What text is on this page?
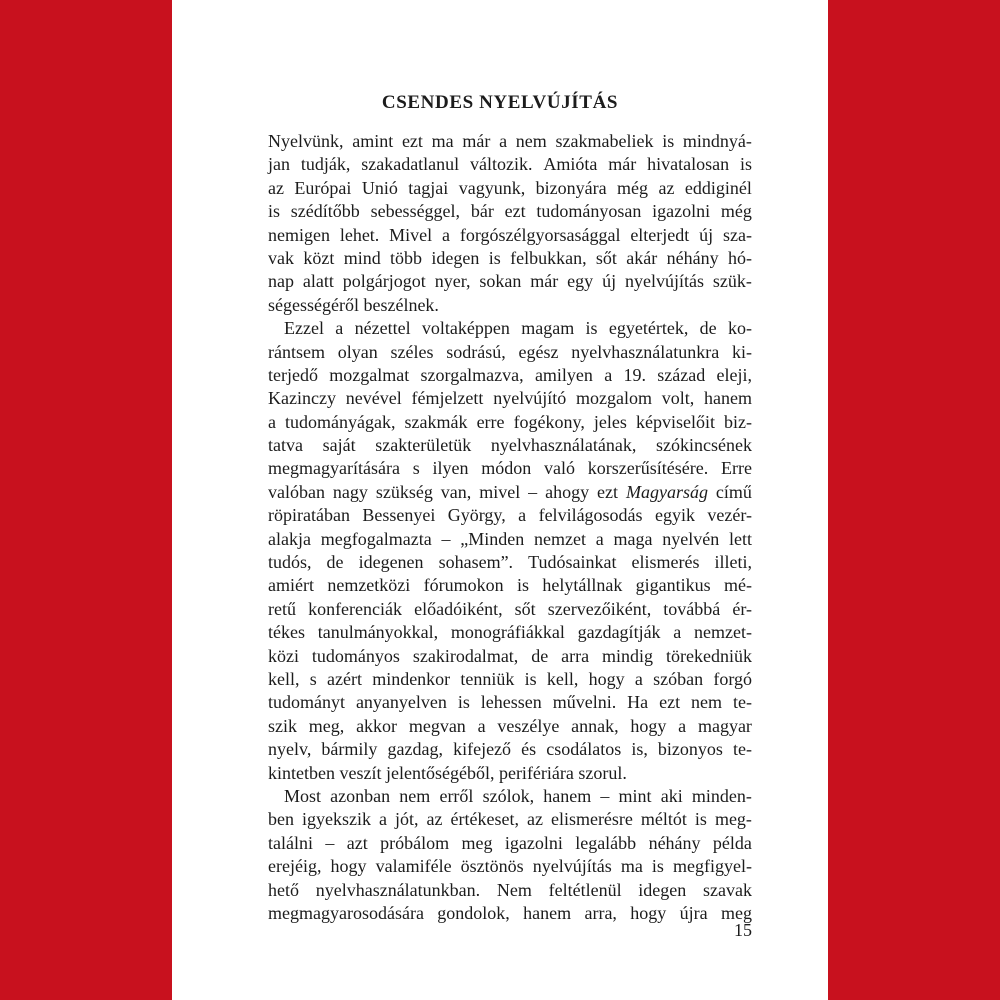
CSENDES NYELVÚJÍTÁS
Nyelvünk, amint ezt ma már a nem szakmabeliek is mindnyá-
jan tudják, szakadatlanul változik. Amióta már hivatalosan is
az Európai Unió tagjai vagyunk, bizonyára még az eddiginél
is szédítőbb sebességgel, bár ezt tudományosan igazolni még
nemigen lehet. Mivel a forgószélgyorsasággal elterjedt új sza-
vak közt mind több idegen is felbukkan, sőt akár néhány hó-
nap alatt polgárjogot nyer, sokan már egy új nyelvújítás szük-
ségességéről beszélnek.
Ezzel a nézettel voltaképpen magam is egyetértek, de ko-
rántsem olyan széles sodrású, egész nyelvhasználatunkra ki-
terjedő mozgalmat szorgalmazva, amilyen a 19. század eleji,
Kazinczy nevével fémjelzett nyelvújító mozgalom volt, hanem
a tudományágak, szakmák erre fogékony, jeles képviselőit biz-
tatva saját szakterületük nyelvhasználatának, szókincsének
megmagyarítására s ilyen módon való korszerűsítésére. Erre
valóban nagy szükség van, mivel – ahogy ezt Magyarság című
röpiratában Bessenyei György, a felvilágosodás egyik vezér-
alakja megfogalmazta – „Minden nemzet a maga nyelvén lett
tudós, de idegenen sohasem”. Tudósainkat elismerés illeti,
amiért nemzetközi fórumokon is helytállnak gigantikus mé-
retű konferenciák előadóiként, sőt szervezőiként, továbbá ér-
tékes tanulmányokkal, monográfiákkal gazdagítják a nemzet-
közi tudományos szakirodalmat, de arra mindig törekedniük
kell, s azért mindenkor tenniük is kell, hogy a szóban forgó
tudományt anyanyelven is lehessen művelni. Ha ezt nem te-
szik meg, akkor megvan a veszélye annak, hogy a magyar
nyelv, bármily gazdag, kifejező és csodálatos is, bizonyos te-
kintetben veszít jelentőségéből, perifériára szorul.
Most azonban nem erről szólok, hanem – mint aki minden-
ben igyekszik a jót, az értékeset, az elismerésre méltót is meg-
találni – azt próbálom meg igazolni legalább néhány példa
erejéig, hogy valamiféle ösztönös nyelvújítás ma is megfigyel-
hető nyelvhasználatunkban. Nem feltétlenül idegen szavak
megmagyarosodására gondolok, hanem arra, hogy újra meg
15
